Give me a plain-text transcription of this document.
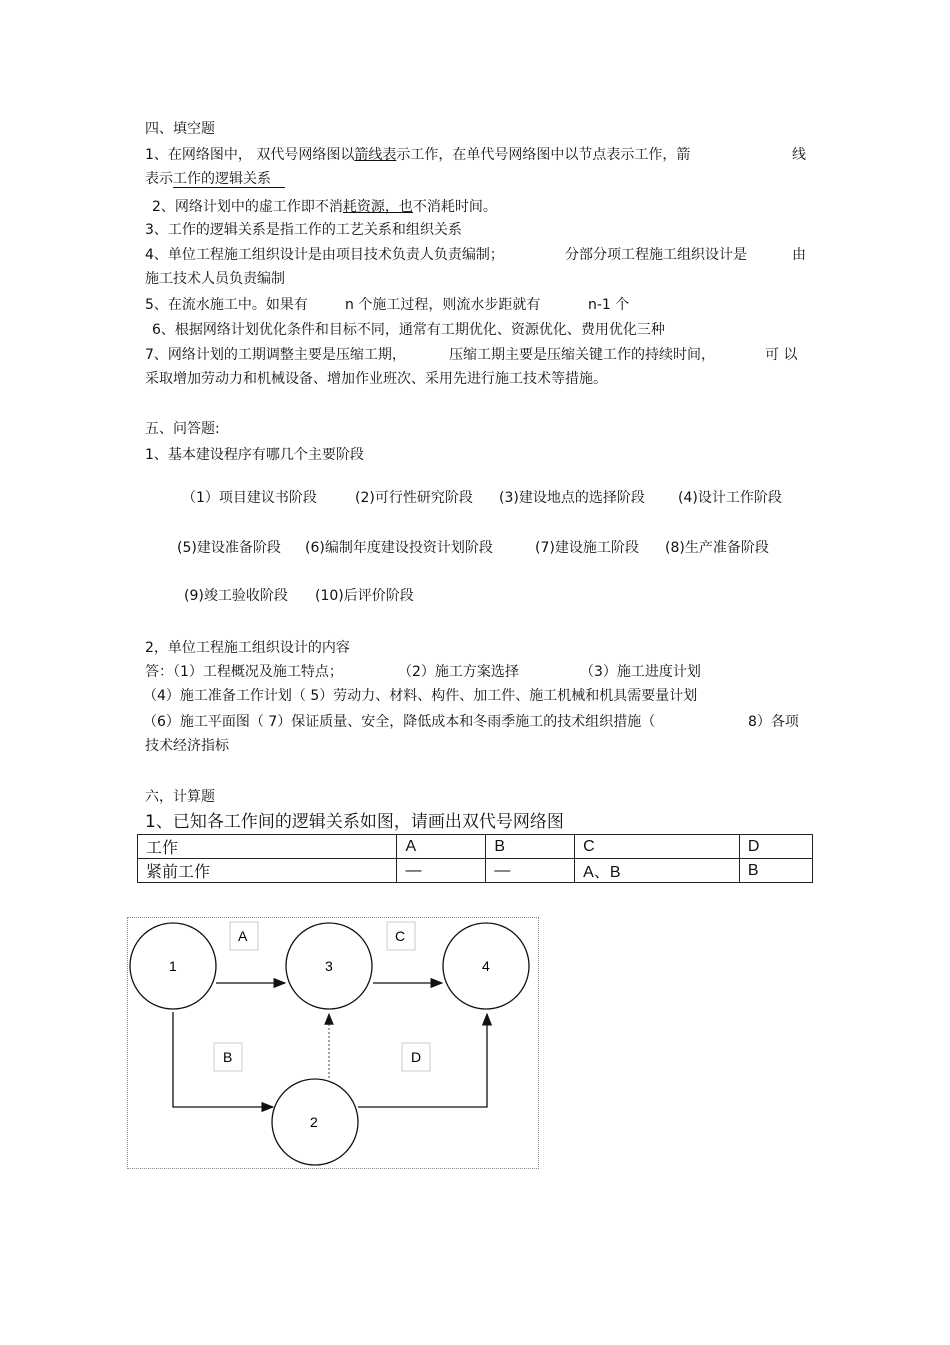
四、填空题
1、在网络图中， 双代号网络图以箭线表示工作，在单代号网络图中以节点表示工作，箭	线
表示工作的逻辑关系
2、网络计划中的虚工作即不消耗资源，也不消耗时间。
3、工作的逻辑关系是指工作的工艺关系和组织关系
4、单位工程施工组织设计是由项目技术负责人负责编制；	分部分项工程施工组织设计是	由
施工技术人员负责编制
5、在流水施工中。如果有	n 个施工过程，则流水步距就有	n-1 个
6、根据网络计划优化条件和目标不同，通常有工期优化、资源优化、费用优化三种
7、网络计划的工期调整主要是压缩工期，	压缩工期主要是压缩关键工作的持续时间，	可 以
采取增加劳动力和机械设备、增加作业班次、采用先进行施工技术等措施。
五、问答题:
1、基本建设程序有哪几个主要阶段
（1）项目建议书阶段	(2)可行性研究阶段 (3)建设地点的选择阶段 (4)设计工作阶段
(5)建设准备阶段 (6)编制年度建设投资计划阶段	(7)建设施工阶段 (8)生产准备阶段
(9)竣工验收阶段 (10)后评价阶段
2，单位工程施工组织设计的内容
答：（1）工程概况及施工特点；	（2）施工方案选择	（3）施工进度计划
（4）施工准备工作计划（ 5）劳动力、材料、构件、加工件、施工机械和机具需要量计划
（6）施工平面图（ 7）保证质量、安全，降低成本和冬雨季施工的技术组织措施（	8）各项
技术经济指标
六，计算题
1、已知各工作间的逻辑关系如图，请画出双代号网络图
工作	A	B	C	D
紧前工作	—	—	A、B	B
1	3	4
2
A	C
B	D
